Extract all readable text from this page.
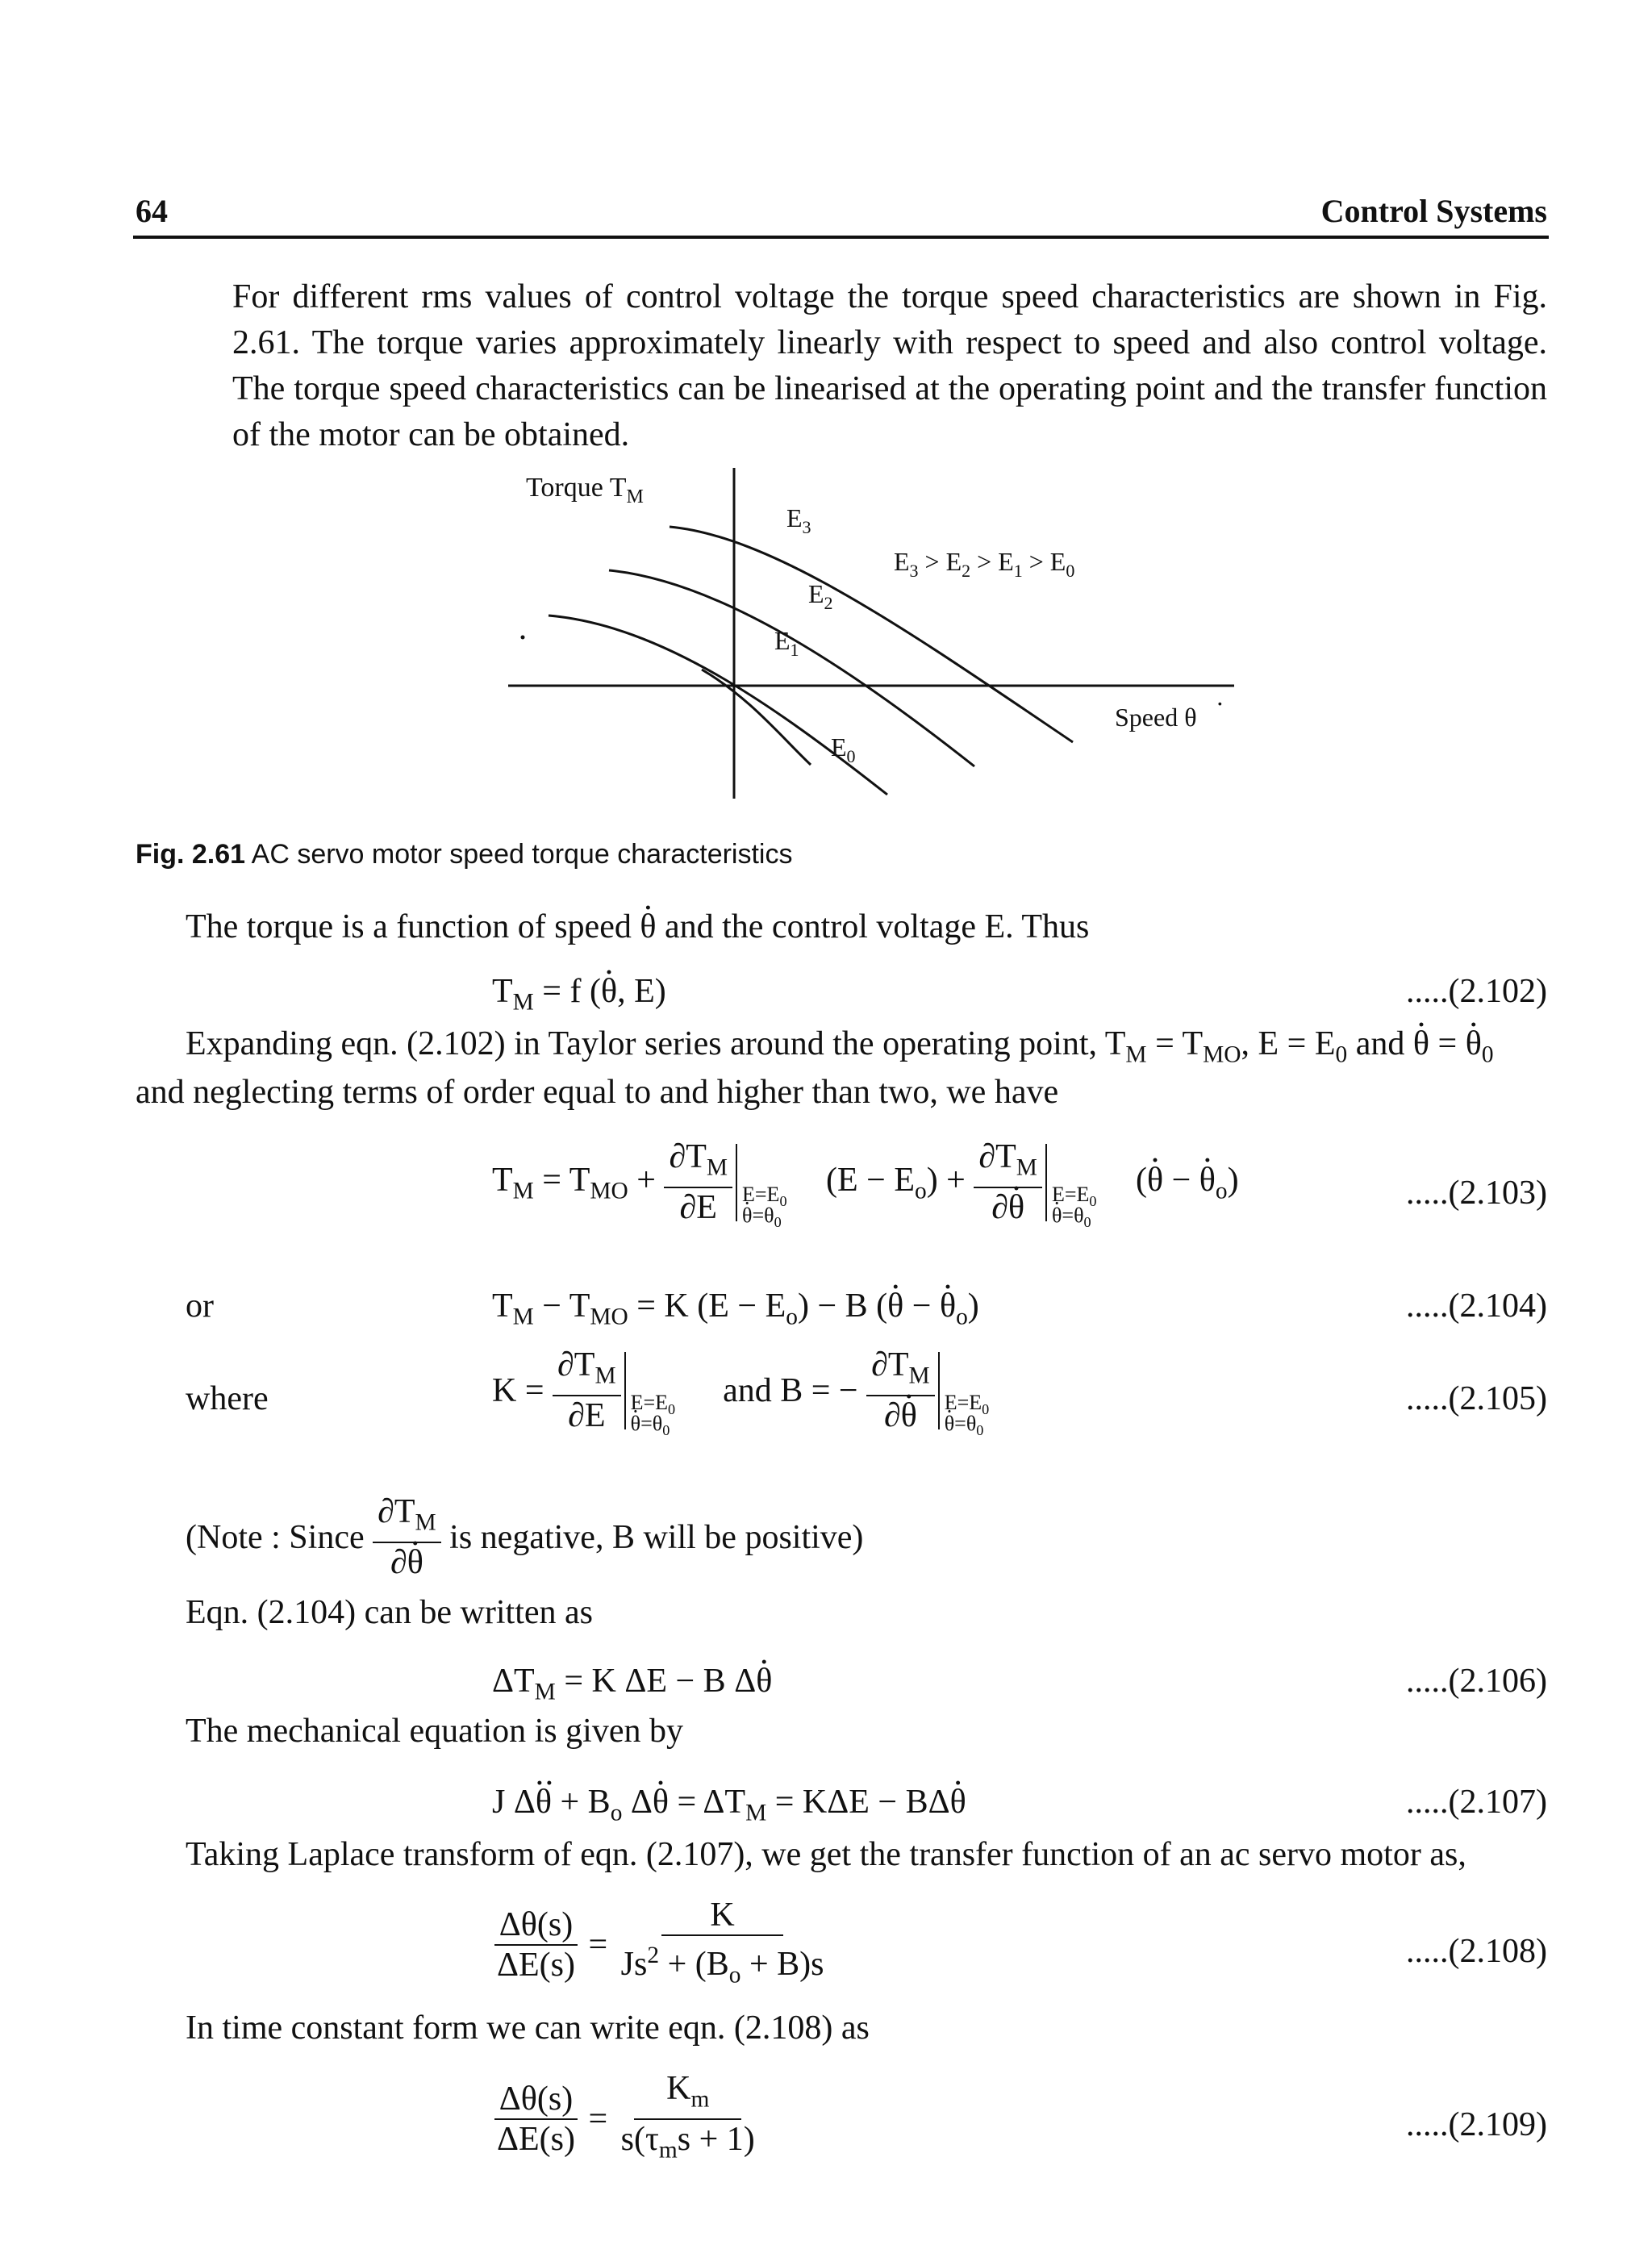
64	Control Systems
For different rms values of control voltage the torque speed characteristics are shown in Fig. 2.61. The torque varies approximately linearly with respect to speed and also control voltage. The torque speed characteristics can be linearised at the operating point and the transfer function of the motor can be obtained.
Torque $T_M$
$E_3$
$E_2$
$E_1$
$E_0$
$E_3 > E_2 > E_1 > E_0$
Speed θ ·
Fig. 2.61 AC servo motor speed torque characteristics
The torque is a function of speed θ · and the control voltage E. Thus
$T_M = f$ (θ ·, E)	.....(2.102)
Expanding eqn. (2.102) in Taylor series around the operating point, $T_M = T_{MO}$, $E = E_0$ and θ · = $\theta \cdot_0$
and neglecting terms of order equal to and higher than two, we have
$T_M = T_{MO} + \frac{\partial T_M}{\partial E} E=E_0$
$\theta \cdot=\theta_0$
$(E - E_o) + \frac{\partial T_M}{\partial\theta} \cdot E=E_0$
$\theta \cdot=\theta_0$
(θ · − $\theta \cdot_o$)	.....(2.103)
or	$T_M - T_{MO} = K$ $(E - E_o) - B$ (θ · − $\theta \cdot_o$)	.....(2.104)
where	$K = \frac{\partial T_M}{\partial E} E=E_0$
$\theta \cdot=\theta_0$
and B = − $\frac{\partial T_M}{\partial\theta} \cdot E=E_0$
$\theta \cdot=\theta_0$
.....(2.105)
(Note : Since
$\frac{\partial T_M}{\partial\theta}$ ·
is negative, B will be positive)
Eqn. (2.104) can be written as
$\Delta T_M = K$ ΔE − B Δθ ·	.....(2.106)
The mechanical equation is given by
J Δθ ·· + $B_o$ Δθ · = $\Delta T_M = K\Delta E - B\Delta\theta$ ·	.....(2.107)
Taking Laplace transform of eqn. (2.107), we get the transfer function of an ac servo motor as,
$\frac{\Delta\theta(s)}{\Delta E(s)} = \frac{K}{Js^2 + (B_o + B)s}$	.....(2.108)
In time constant form we can write eqn. (2.108) as
$\frac{\Delta\theta(s)}{\Delta E(s)} = \frac{K_m}{s(\tau_ms + 1)}$	.....(2.109)
